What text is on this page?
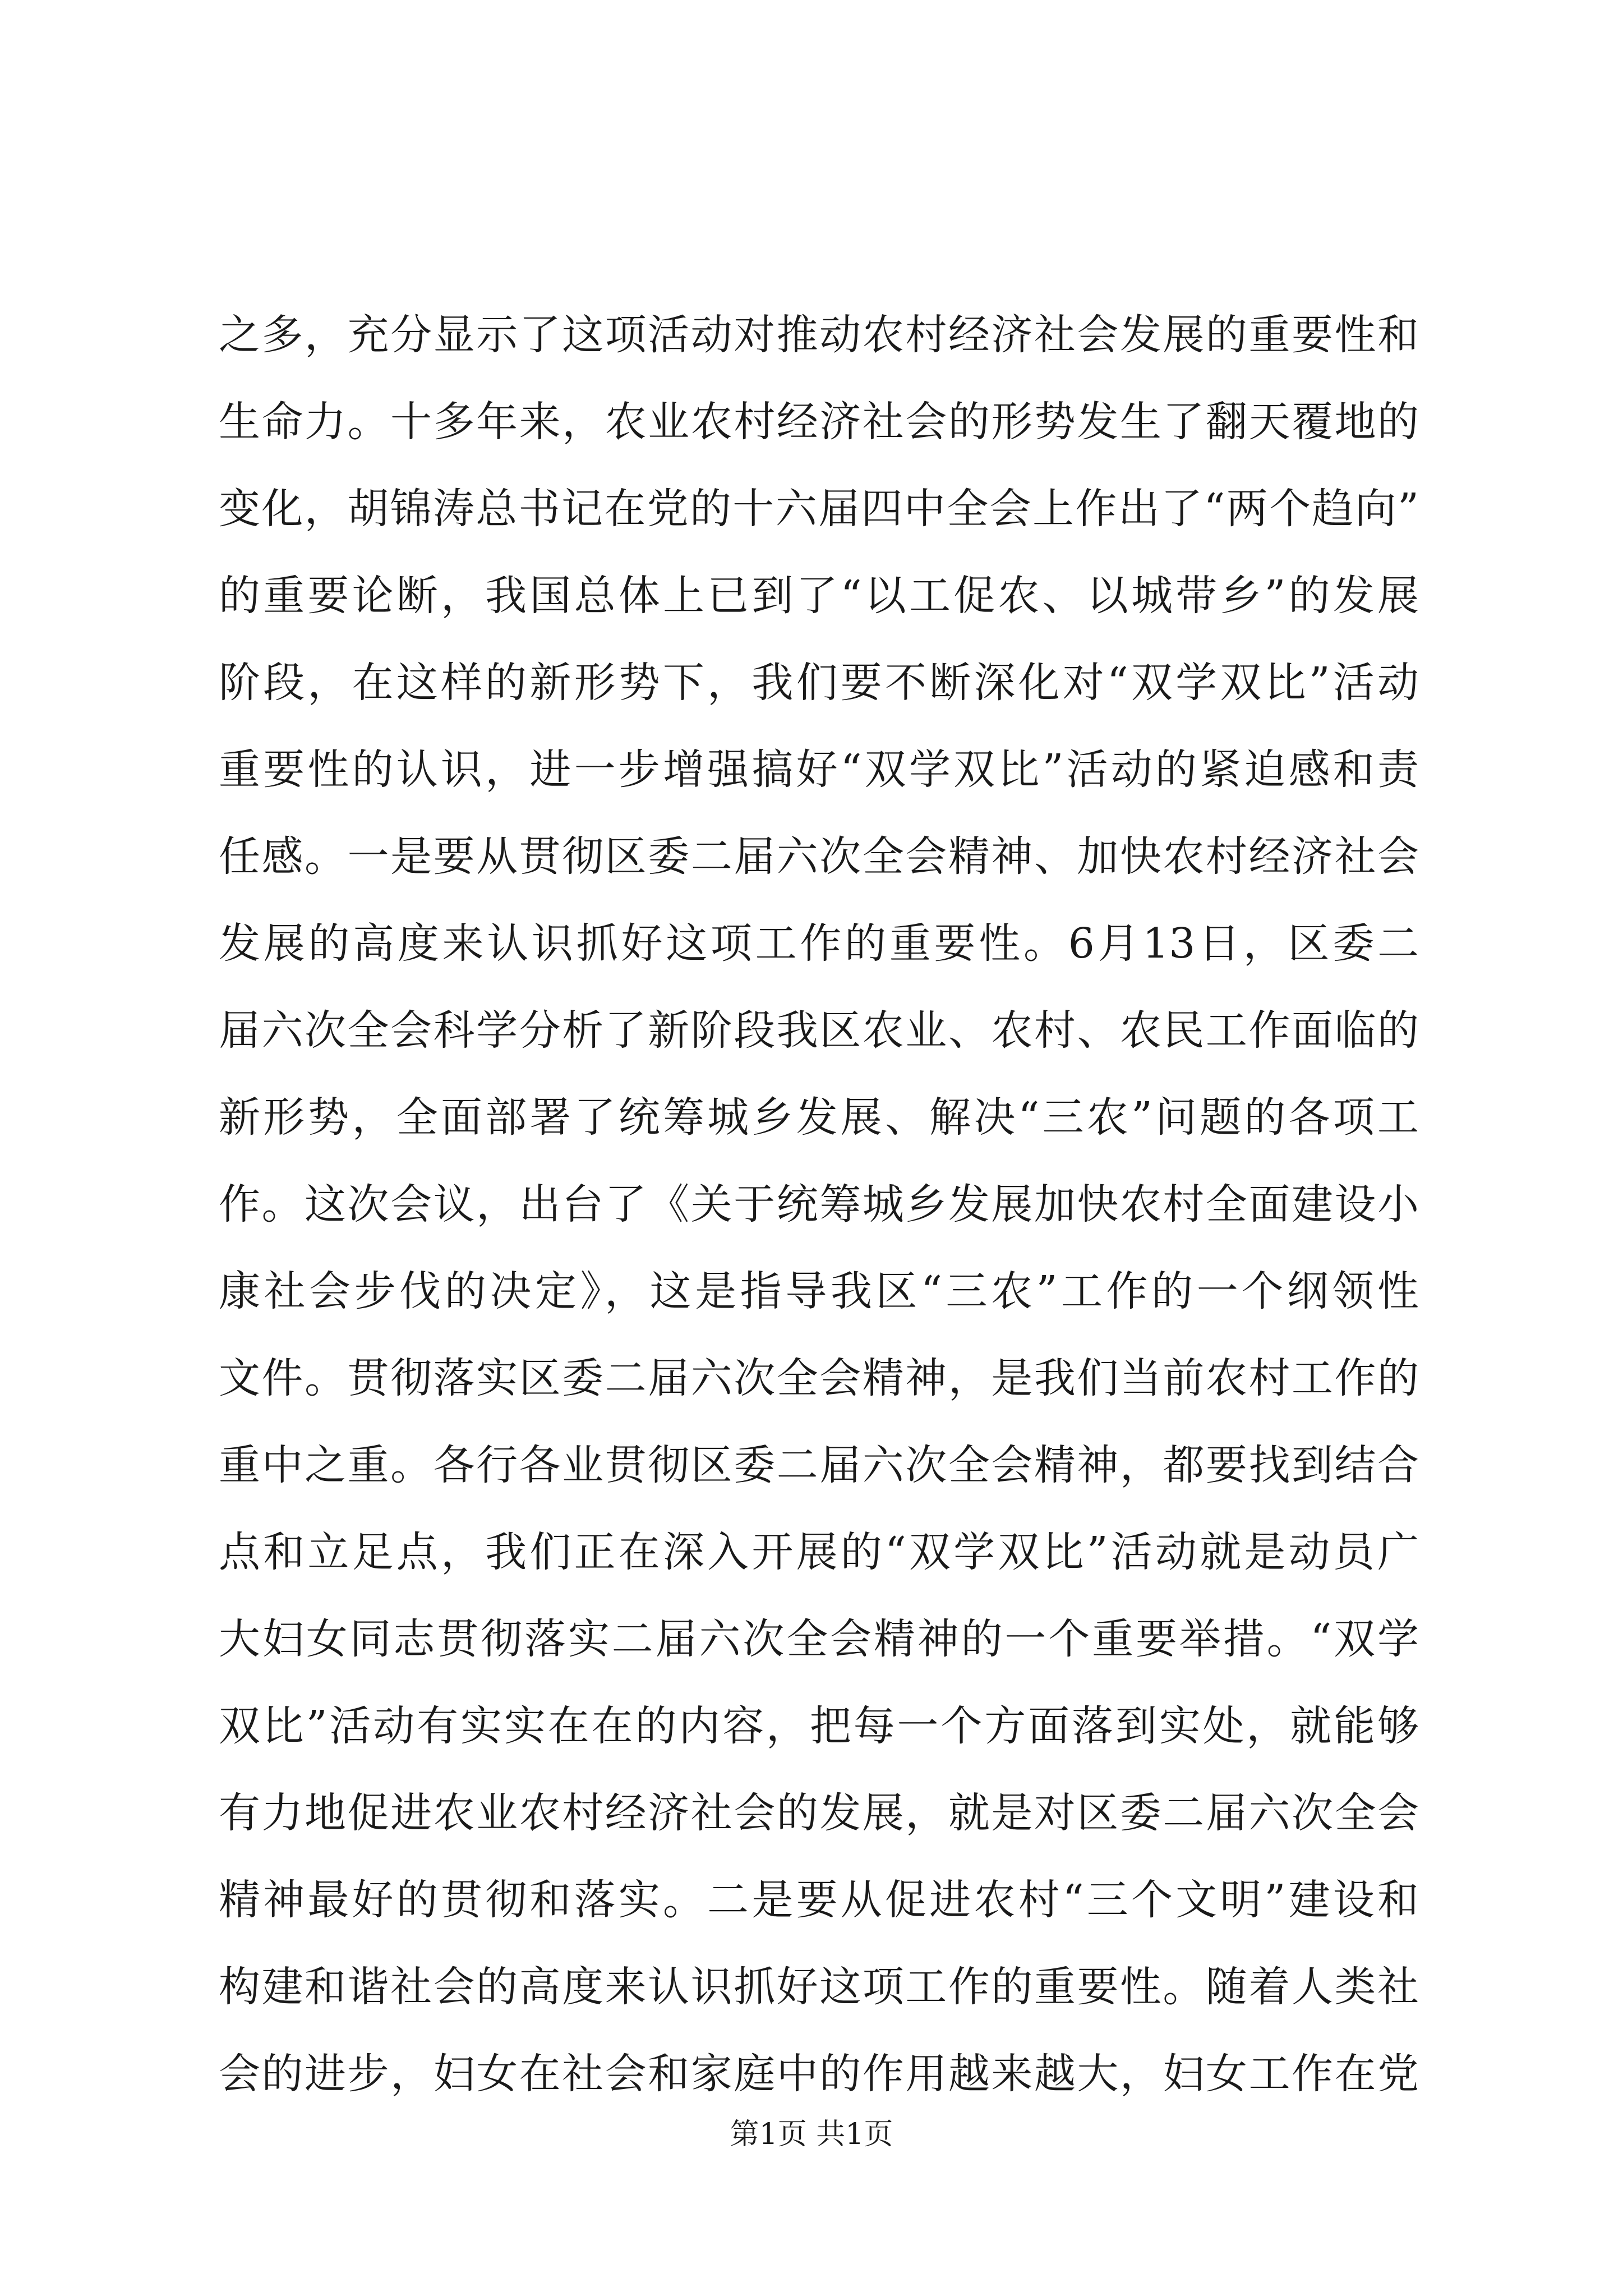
之多，充分显示了这项活动对推动农村经济社会发展的重要性和
生命力。十多年来，农业农村经济社会的形势发生了翻天覆地的
变化，胡锦涛总书记在党的十六届四中全会上作出了“两个趋向”
的重要论断，我国总体上已到了“以工促农、以城带乡”的发展
阶段，在这样的新形势下，我们要不断深化对“双学双比”活动
重要性的认识，进一步增强搞好“双学双比”活动的紧迫感和责
任感。一是要从贯彻区委二届六次全会精神、加快农村经济社会
发展的高度来认识抓好这项工作的重要性。6月13日，区委二
届六次全会科学分析了新阶段我区农业、农村、农民工作面临的
新形势，全面部署了统筹城乡发展、解决“三农”问题的各项工
作。这次会议，出台了《关于统筹城乡发展加快农村全面建设小
康社会步伐的决定》，这是指导我区“三农”工作的一个纲领性
文件。贯彻落实区委二届六次全会精神，是我们当前农村工作的
重中之重。各行各业贯彻区委二届六次全会精神，都要找到结合
点和立足点，我们正在深入开展的“双学双比”活动就是动员广
大妇女同志贯彻落实二届六次全会精神的一个重要举措。“双学
双比”活动有实实在在的内容，把每一个方面落到实处，就能够
有力地促进农业农村经济社会的发展，就是对区委二届六次全会
精神最好的贯彻和落实。二是要从促进农村“三个文明”建设和
构建和谐社会的高度来认识抓好这项工作的重要性。随着人类社
会的进步，妇女在社会和家庭中的作用越来越大，妇女工作在党
第1页 共1页
